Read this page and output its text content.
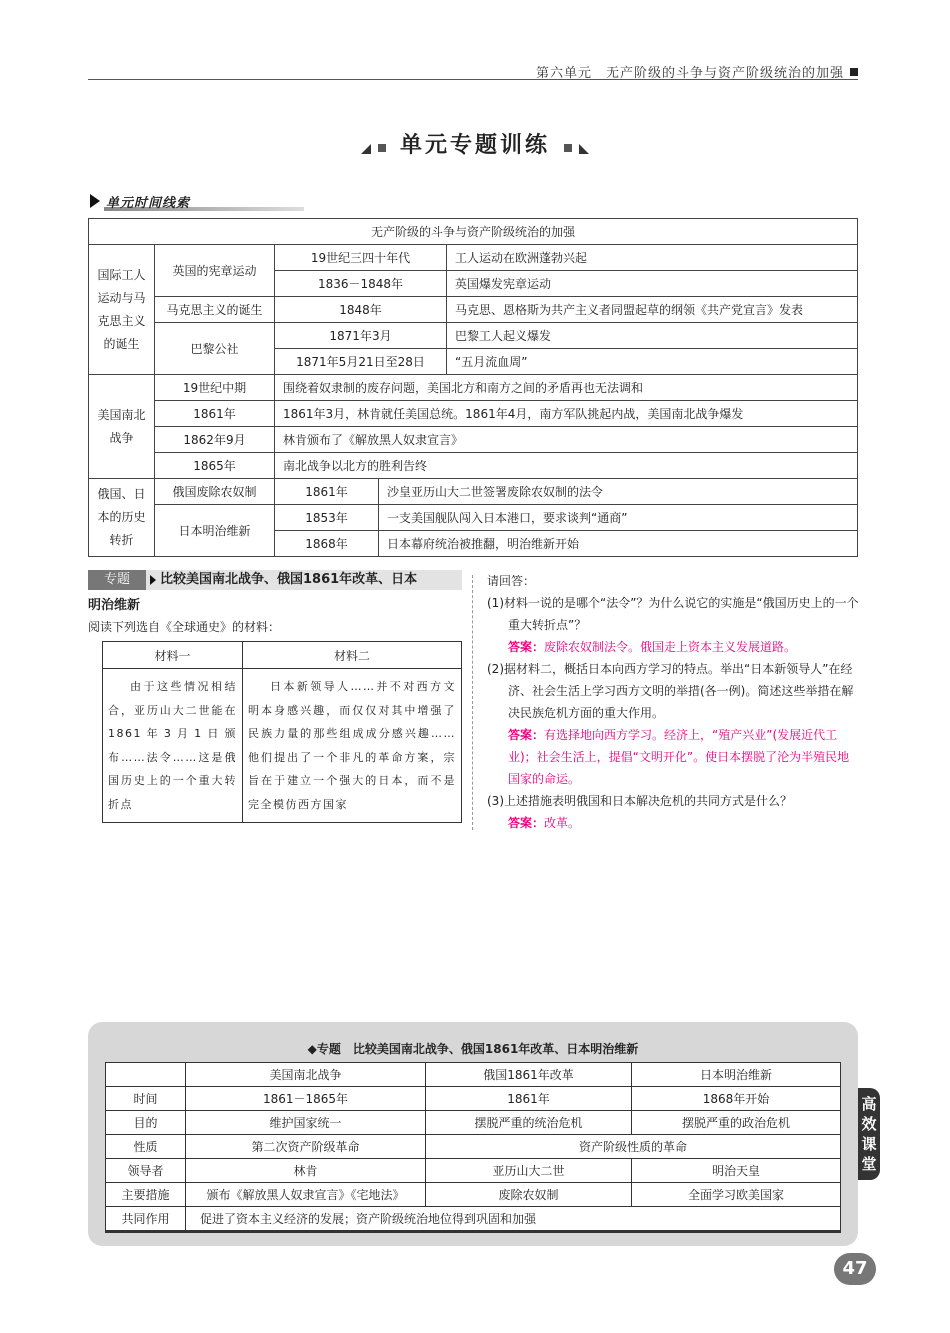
第六单元　无产阶级的斗争与资产阶级统治的加强
单元专题训练
单元时间线索
无产阶级的斗争与资产阶级统治的加强				
国际工人运动与马克思主义的诞生	英国的宪章运动	19世纪三四十年代		工人运动在欧洲蓬勃兴起
		1836－1848年		英国爆发宪章运动
	马克思主义的诞生	1848年		马克思、恩格斯为共产主义者同盟起草的纲领《共产党宣言》发表
	巴黎公社	1871年3月		巴黎工人起义爆发
		1871年5月21日至28日		“五月流血周”
美国南北战争	19世纪中期	围绕着奴隶制的废存问题，美国北方和南方之间的矛盾再也无法调和		
	1861年	1861年3月，林肯就任美国总统。1861年4月，南方军队挑起内战，美国南北战争爆发		
	1862年9月	林肯颁布了《解放黑人奴隶宣言》		
	1865年	南北战争以北方的胜利告终		
俄国、日本的历史转折	俄国废除农奴制	1861年	沙皇亚历山大二世签署废除农奴制的法令	
	日本明治维新	1853年	一支美国舰队闯入日本港口，要求谈判“通商”	
		1868年	日本幕府统治被推翻，明治维新开始	
专题	比较美国南北战争、俄国1861年改革、日本
明治维新
阅读下列选自《全球通史》的材料：
材料一	材料二
由于这些情况相结合，亚历山大二世能在1861年3月1日颁布……法令……这是俄国历史上的一个重大转折点	日本新领导人……并不对西方文明本身感兴趣，而仅仅对其中增强了民族力量的那些组成成分感兴趣……他们提出了一个非凡的革命方案，宗旨在于建立一个强大的日本，而不是完全模仿西方国家

请回答：

(1)材料一说的是哪个“法令”？为什么说它的实施是“俄国历史上的一个重大转折点”？

答案：废除农奴制法令。俄国走上资本主义发展道路。

(2)据材料二，概括日本向西方学习的特点。举出“日本新领导人”在经济、社会生活上学习西方文明的举措(各一例)。简述这些举措在解决民族危机方面的重大作用。

答案：有选择地向西方学习。经济上，“殖产兴业”(发展近代工业)；社会生活上，提倡“文明开化”。使日本摆脱了沦为半殖民地国家的命运。

(3)上述措施表明俄国和日本解决危机的共同方式是什么？

答案：改革。

◆专题　比较美国南北战争、俄国1861年改革、日本明治维新
	美国南北战争	俄国1861年改革	日本明治维新
时间	1861－1865年	1861年	1868年开始
目的	维护国家统一	摆脱严重的统治危机	摆脱严重的政治危机
性质	第二次资产阶级革命	资产阶级性质的革命	
领导者	林肯	亚历山大二世	明治天皇
主要措施	颁布《解放黑人奴隶宣言》《宅地法》	废除农奴制	全面学习欧美国家
共同作用	促进了资本主义经济的发展；资产阶级统治地位得到巩固和加强		
高
效
课
堂
47
